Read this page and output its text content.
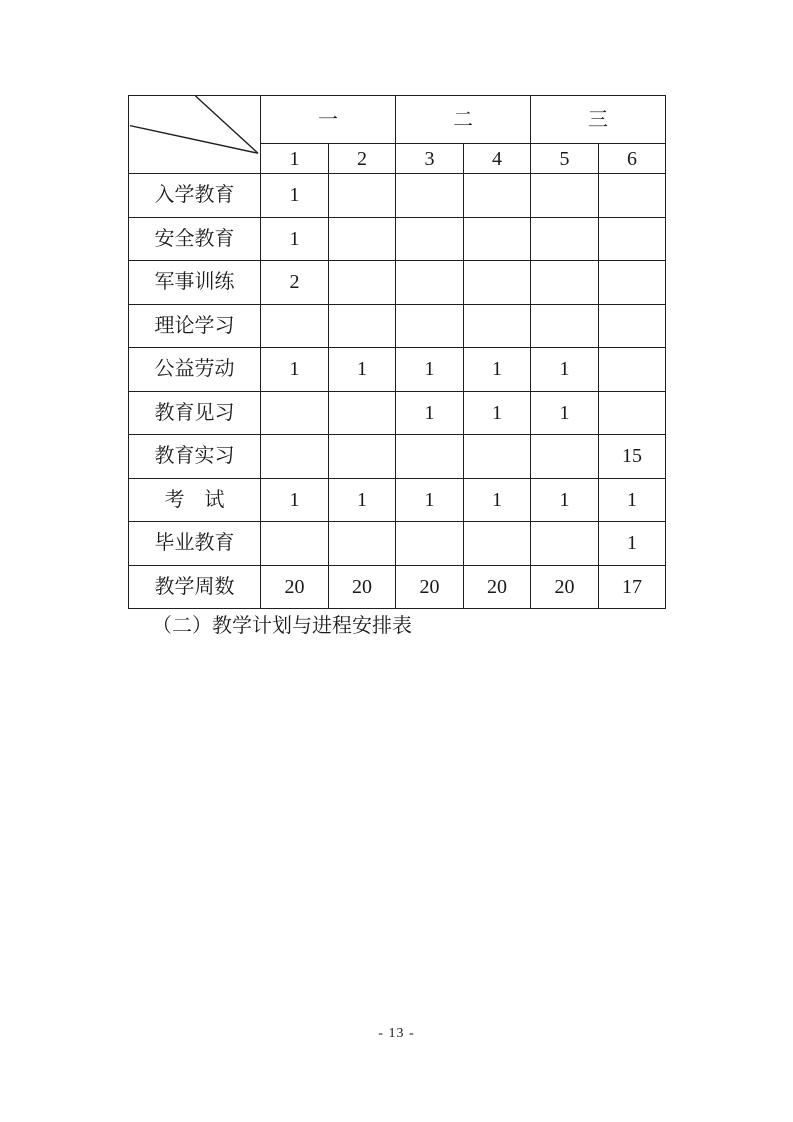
	一		二		三	
	1	2	3	4	5	6
入学教育	1					
安全教育	1					
军事训练	2					
理论学习						
公益劳动	1	1	1	1	1	
教育见习			1	1	1	
教育实习						15
考　试	1	1	1	1	1	1
毕业教育						1
教学周数	20	20	20	20	20	17
（二）教学计划与进程安排表
- 13 -
